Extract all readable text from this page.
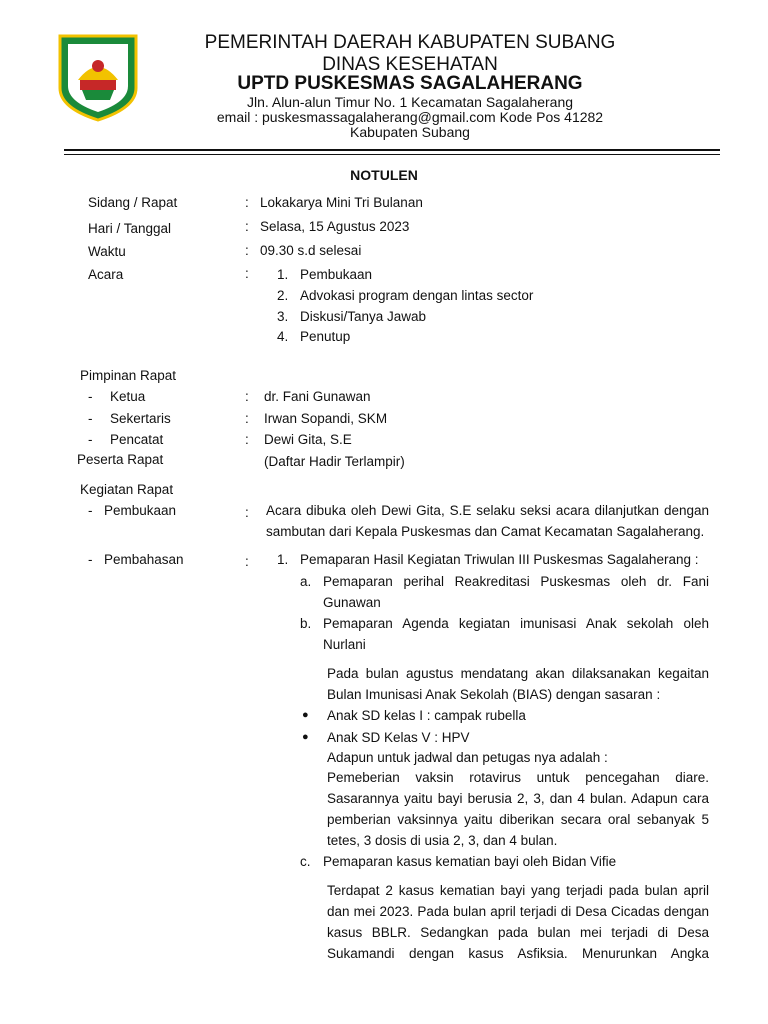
PEMERINTAH DAERAH KABUPATEN SUBANG
DINAS KESEHATAN
UPTD PUSKESMAS SAGALAHERANG
Jln. Alun-alun Timur No. 1 Kecamatan Sagalaherang
email : puskesmassagalaherang@gmail.com Kode Pos 41282
Kabupaten Subang
NOTULEN
Sidang / Rapat	: Lokakarya Mini Tri Bulanan
Hari / Tanggal	: Selasa, 15 Agustus 2023
Waktu	: 09.30 s.d selesai
Acara	: 1. Pembukaan
2. Advokasi program dengan lintas sector
3. Diskusi/Tanya Jawab
4. Penutup
Pimpinan Rapat
- Ketua	: dr. Fani Gunawan
- Sekertaris	: Irwan Sopandi, SKM
- Pencatat	: Dewi Gita, S.E
Peserta Rapat	(Daftar Hadir Terlampir)
Kegiatan Rapat
- Pembukaan	: Acara dibuka oleh Dewi Gita, S.E selaku seksi acara dilanjutkan dengan
sambutan dari Kepala Puskesmas dan Camat Kecamatan Sagalaherang.
- Pembahasan	: 1. Pemaparan Hasil Kegiatan Triwulan III Puskesmas Sagalaherang :
a. Pemaparan perihal Reakreditasi Puskesmas oleh dr. Fani
Gunawan
b. Pemaparan Agenda kegiatan imunisasi Anak sekolah oleh
Nurlani
Pada bulan agustus mendatang akan dilaksanakan kegaitan
Bulan Imunisasi Anak Sekolah (BIAS) dengan sasaran :
● Anak SD kelas I : campak rubella
● Anak SD Kelas V : HPV
Adapun untuk jadwal dan petugas nya adalah :
Pemeberian vaksin rotavirus untuk pencegahan diare.
Sasarannya yaitu bayi berusia 2, 3, dan 4 bulan. Adapun cara
pemberian vaksinnya yaitu diberikan secara oral sebanyak 5
tetes, 3 dosis di usia 2, 3, dan 4 bulan.
c. Pemaparan kasus kematian bayi oleh Bidan Vifie
Terdapat 2 kasus kematian bayi yang terjadi pada bulan april
dan mei 2023. Pada bulan april terjadi di Desa Cicadas dengan
kasus BBLR. Sedangkan pada bulan mei terjadi di Desa
Sukamandi dengan kasus Asfiksia. Menurunkan Angka
